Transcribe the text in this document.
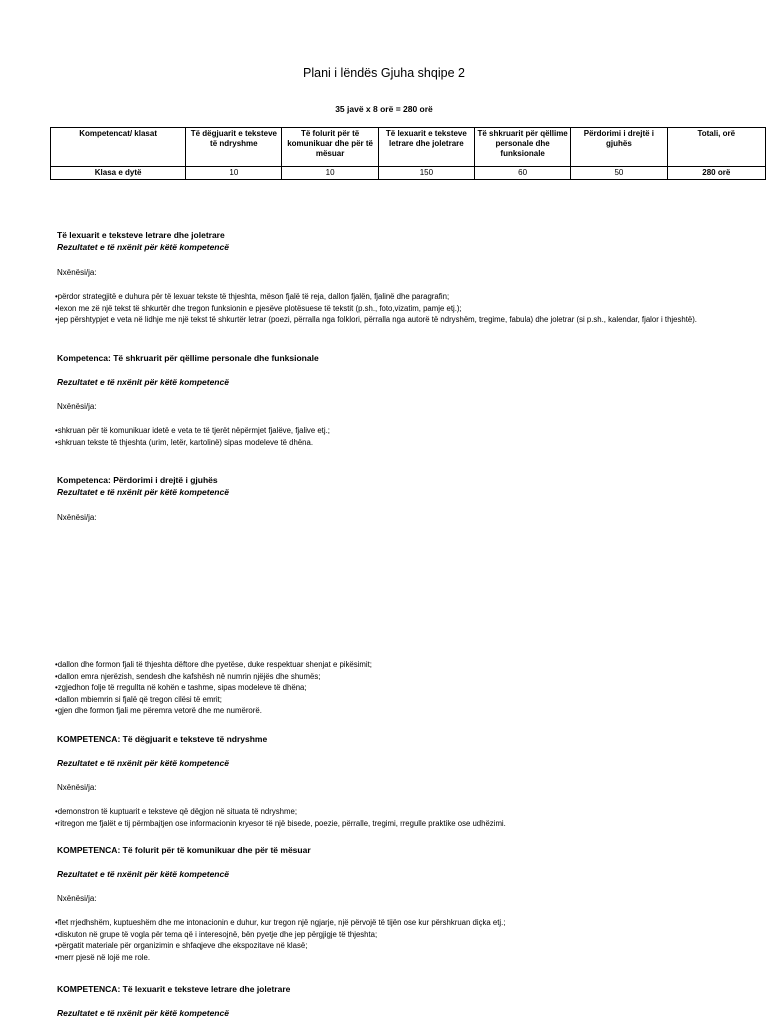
Plani i lëndës Gjuha shqipe 2
35 javë x 8 orë = 280 orë
Kompetencat/ klasat	Të dëgjuarit e teksteve të ndryshme	Të folurit për të komunikuar dhe për të mësuar	Të lexuarit e teksteve letrare dhe joletrare	Të shkruarit për qëllime personale dhe funksionale	Përdorimi i drejtë i gjuhës	Totali, orë
Klasa e dytë	10	10	150	60	50	280 orë
Të lexuarit e teksteve letrare dhe joletrare
Rezultatet e të nxënit për këtë kompetencë
Nxënësi/ja:
• përdor strategjitë e duhura për të lexuar tekste të thjeshta, mëson fjalë të reja, dallon fjalën, fjalinë dhe paragrafin;
• lexon me zë një tekst të shkurtër dhe tregon funksionin e pjesëve plotësuese të tekstit (p.sh., foto,vizatim, pamje etj.);
• jep përshtypjet e veta në lidhje me një tekst të shkurtër letrar (poezi, përralla nga folklori, përralla nga autorë të ndryshëm, tregime, fabula) dhe joletrar (si p.sh., kalendar, fjalor i thjeshtë).
Kompetenca: Të shkruarit për qëllime personale dhe funksionale
Rezultatet e të nxënit për këtë kompetencë
Nxënësi/ja:
• shkruan për të komunikuar idetë e veta te të tjerët nëpërmjet fjalëve, fjalive etj.;
• shkruan tekste të thjeshta (urim, letër, kartolinë) sipas modeleve të dhëna.
Kompetenca: Përdorimi i drejtë i gjuhës
Rezultatet e të nxënit për këtë kompetencë
Nxënësi/ja:
• dallon dhe formon fjali të thjeshta dëftore dhe pyetëse, duke respektuar shenjat e pikësimit;
• dallon emra njerëzish, sendesh dhe kafshësh në numrin njëjës dhe shumës;
• zgjedhon folje të rregullta në kohën e tashme, sipas modeleve të dhëna;
• dallon mbiemrin si fjalë që tregon cilësi të emrit;
• gjen dhe formon fjali me përemra vetorë dhe me numërorë.
KOMPETENCA: Të dëgjuarit e teksteve të ndryshme
Rezultatet e të nxënit për këtë kompetencë
Nxënësi/ja:
• demonstron të kuptuarit e teksteve që dëgjon në situata të ndryshme;
• ritregon me fjalët e tij përmbajtjen ose informacionin kryesor të një bisede, poezie, përralle, tregimi, rregulle praktike ose udhëzimi.
KOMPETENCA: Të folurit për të komunikuar dhe për të mësuar
Rezultatet e të nxënit për këtë kompetencë
Nxënësi/ja:
• flet rrjedhshëm, kuptueshëm dhe me intonacionin e duhur, kur tregon një ngjarje, një përvojë të tijën ose kur përshkruan diçka etj.;
• diskuton në grupe të vogla për tema që i interesojnë, bën pyetje dhe jep përgjigje të thjeshta;
• përgatit materiale për organizimin e shfaqjeve dhe ekspozitave në klasë;
• merr pjesë në lojë me role.
KOMPETENCA: Të lexuarit e teksteve letrare dhe joletrare
Rezultatet e të nxënit për këtë kompetencë
